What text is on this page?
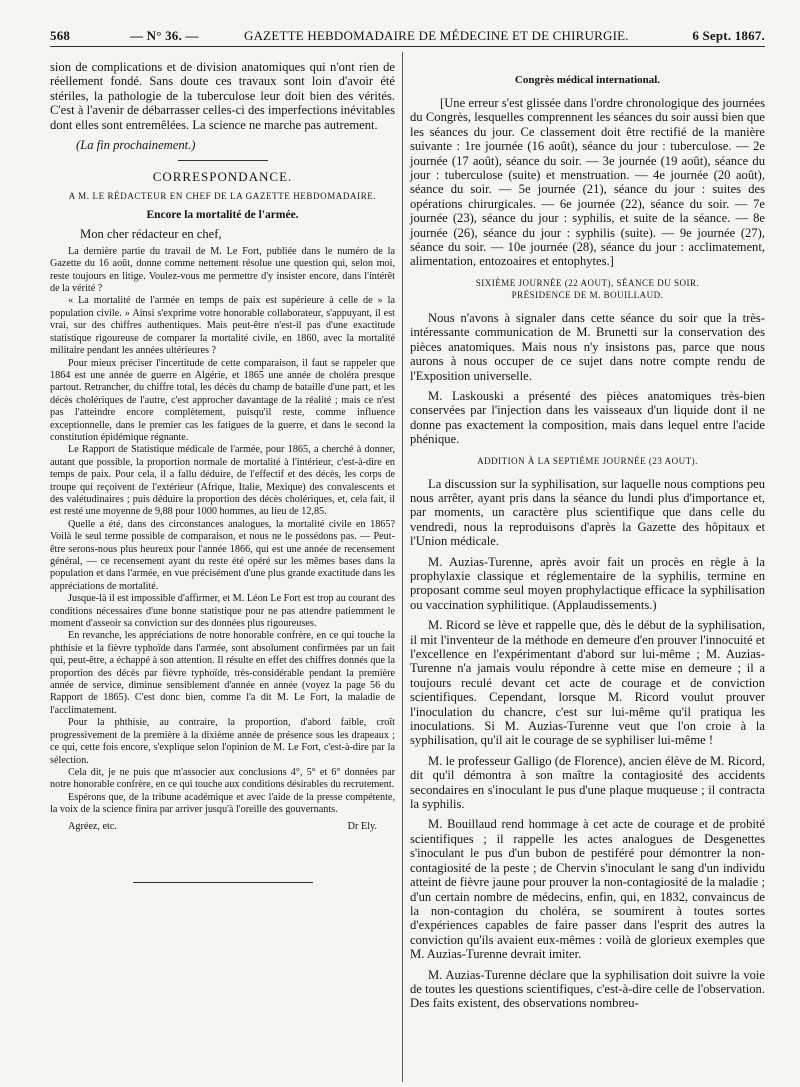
568	— N° 36. —	GAZETTE HEBDOMADAIRE DE MÉDECINE ET DE CHIRURGIE.	6 Sept. 1867.

sion de complications et de division anatomiques qui n'ont rien de réellement fondé. Sans doute ces travaux sont loin d'avoir été stériles, la pathologie de la tuberculose leur doit bien des vérités. C'est à l'avenir de débarrasser celles-ci des imperfections inévitables dont elles sont entremêlées. La science ne marche pas autrement.

(La fin prochainement.)

CORRESPONDANCE.
A M. LE RÉDACTEUR EN CHEF DE LA GAZETTE HEBDOMADAIRE.
Encore la mortalité de l'armée.

Mon cher rédacteur en chef,

La dernière partie du travail de M. Le Fort, publiée dans le numéro de la Gazette du 16 août, donne comme nettement résolue une question qui, selon moi, reste toujours en litige. Voulez-vous me permettre d'y insister encore, dans l'intérêt de la vérité ?

« La mortalité de l'armée en temps de paix est supérieure à celle de » la population civile. » Ainsi s'exprime votre honorable collaborateur, s'appuyant, il est vrai, sur des chiffres authentiques. Mais peut-être n'est-il pas d'une exactitude statistique rigoureuse de comparer la mortalité civile, en 1860, avec la mortalité militaire pendant les années ultérieures ?

Pour mieux préciser l'incertitude de cette comparaison, il faut se rappeler que 1864 est une année de guerre en Algérie, et 1865 une année de choléra presque partout. Retrancher, du chiffre total, les décès du champ de bataille d'une part, et les décès cholériques de l'autre, c'est approcher davantage de la réalité ; mais ce n'est pas l'atteindre encore complètement, puisqu'il reste, comme influence exceptionnelle, dans le premier cas les fatigues de la guerre, et dans le second la constitution épidémique régnante.

Le Rapport de Statistique médicale de l'armée, pour 1865, a cherché à donner, autant que possible, la proportion normale de mortalité à l'intérieur, c'est-à-dire en temps de paix. Pour cela, il a fallu déduire, de l'effectif et des décès, les corps de troupe qui reçoivent de l'extérieur (Afrique, Italie, Mexique) des convalescents et des valétudinaires ; puis déduire la proportion des décès cholériques, et, cela fait, il est resté une moyenne de 9,88 pour 1000 hommes, au lieu de 12,85.

Quelle a été, dans des circonstances analogues, la mortalité civile en 1865? Voilà le seul terme possible de comparaison, et nous ne le possédons pas. — Peut-être serons-nous plus heureux pour l'année 1866, qui est une année de recensement général, — ce recensement ayant du reste été opéré sur les mêmes bases dans la population et dans l'armée, en vue précisément d'une plus grande exactitude dans les appréciations de mortalité.

Jusque-là il est impossible d'affirmer, et M. Léon Le Fort est trop au courant des conditions nécessaires d'une bonne statistique pour ne pas attendre patiemment le moment d'asseoir sa conviction sur des données plus rigoureuses.

En revanche, les appréciations de notre honorable confrère, en ce qui touche la phthisie et la fièvre typhoïde dans l'armée, sont absolument confirmées par un fait qui, peut-être, a échappé à son attention. Il résulte en effet des chiffres donnés que la proportion des décès par fièvre typhoïde, très-considérable pendant la première année de service, diminue sensiblement d'année en année (voyez la page 56 du Rapport de 1865). C'est donc bien, comme l'a dit M. Le Fort, la maladie de l'acclimatement.

Pour la phthisie, au contraire, la proportion, d'abord faible, croît progressivement de la première à la dixième année de présence sous les drapeaux ; ce qui, cette fois encore, s'explique selon l'opinion de M. Le Fort, c'est-à-dire par la sélection.

Cela dit, je ne puis que m'associer aux conclusions 4°, 5° et 6° données par notre honorable confrère, en ce qui touche aux conditions désirables du recrutement.

Espérons que, de la tribune académique et avec l'aide de la presse compétente, la voix de la science finira par arriver jusqu'à l'oreille des gouvernants.

Agréez, etc.	Dr Ely.
Congrès médical international.

[Une erreur s'est glissée dans l'ordre chronologique des journées du Congrès, lesquelles comprennent les séances du soir aussi bien que les séances du jour. Ce classement doit être rectifié de la manière suivante : 1re journée (16 août), séance du jour : tuberculose. — 2e journée (17 août), séance du soir. — 3e journée (19 août), séance du jour : tuberculose (suite) et menstruation. — 4e journée (20 août), séance du soir. — 5e journée (21), séance du jour : suites des opérations chirurgicales. — 6e journée (22), séance du soir. — 7e journée (23), séance du jour : syphilis, et suite de la séance. — 8e journée (26), séance du jour : syphilis (suite). — 9e journée (27), séance du soir. — 10e journée (28), séance du jour : acclimatement, alimentation, entozoaires et entophytes.]

SIXIÈME JOURNÉE (22 AOUT), SÉANCE DU SOIR.
PRÉSIDENCE DE M. BOUILLAUD.

Nous n'avons à signaler dans cette séance du soir que la très-intéressante communication de M. Brunetti sur la conservation des pièces anatomiques. Mais nous n'y insistons pas, parce que nous aurons à nous occuper de ce sujet dans notre compte rendu de l'Exposition universelle.

M. Laskouski a présenté des pièces anatomiques très-bien conservées par l'injection dans les vaisseaux d'un liquide dont il ne donne pas exactement la composition, mais dans lequel entre l'acide phénique.

ADDITION À LA SEPTIÈME JOURNÉE (23 AOUT).

La discussion sur la syphilisation, sur laquelle nous comptions peu nous arrêter, ayant pris dans la séance du lundi plus d'importance et, par moments, un caractère plus scientifique que dans celle du vendredi, nous la reproduisons d'après la Gazette des hôpitaux et l'Union médicale.

M. Auzias-Turenne, après avoir fait un procès en règle à la prophylaxie classique et réglementaire de la syphilis, termine en proposant comme seul moyen prophylactique efficace la syphilisation ou vaccination syphilitique. (Applaudissements.)

M. Ricord se lève et rappelle que, dès le début de la syphilisation, il mit l'inventeur de la méthode en demeure d'en prouver l'innocuité et l'excellence en l'expérimentant d'abord sur lui-même ; M. Auzias-Turenne n'a jamais voulu répondre à cette mise en demeure ; il a toujours reculé devant cet acte de courage et de conviction scientifiques. Cependant, lorsque M. Ricord voulut prouver l'inoculation du chancre, c'est sur lui-même qu'il pratiqua les inoculations. Si M. Auzias-Turenne veut que l'on croie à la syphilisation, qu'il ait le courage de se syphiliser lui-même !

M. le professeur Galligo (de Florence), ancien élève de M. Ricord, dit qu'il démontra à son maître la contagiosité des accidents secondaires en s'inoculant le pus d'une plaque muqueuse ; il contracta la syphilis.

M. Bouillaud rend hommage à cet acte de courage et de probité scientifiques ; il rappelle les actes analogues de Desgenettes s'inoculant le pus d'un bubon de pestiféré pour démontrer la non-contagiosité de la peste ; de Chervin s'inoculant le sang d'un individu atteint de fièvre jaune pour prouver la non-contagiosité de la maladie ; d'un certain nombre de médecins, enfin, qui, en 1832, convaincus de la non-contagion du choléra, se soumirent à toutes sortes d'expériences capables de faire passer dans l'esprit des autres la conviction qu'ils avaient eux-mêmes : voilà de glorieux exemples que M. Auzias-Turenne devrait imiter.

M. Auzias-Turenne déclare que la syphilisation doit suivre la voie de toutes les questions scientifiques, c'est-à-dire celle de l'observation. Des faits existent, des observations nombreu-
